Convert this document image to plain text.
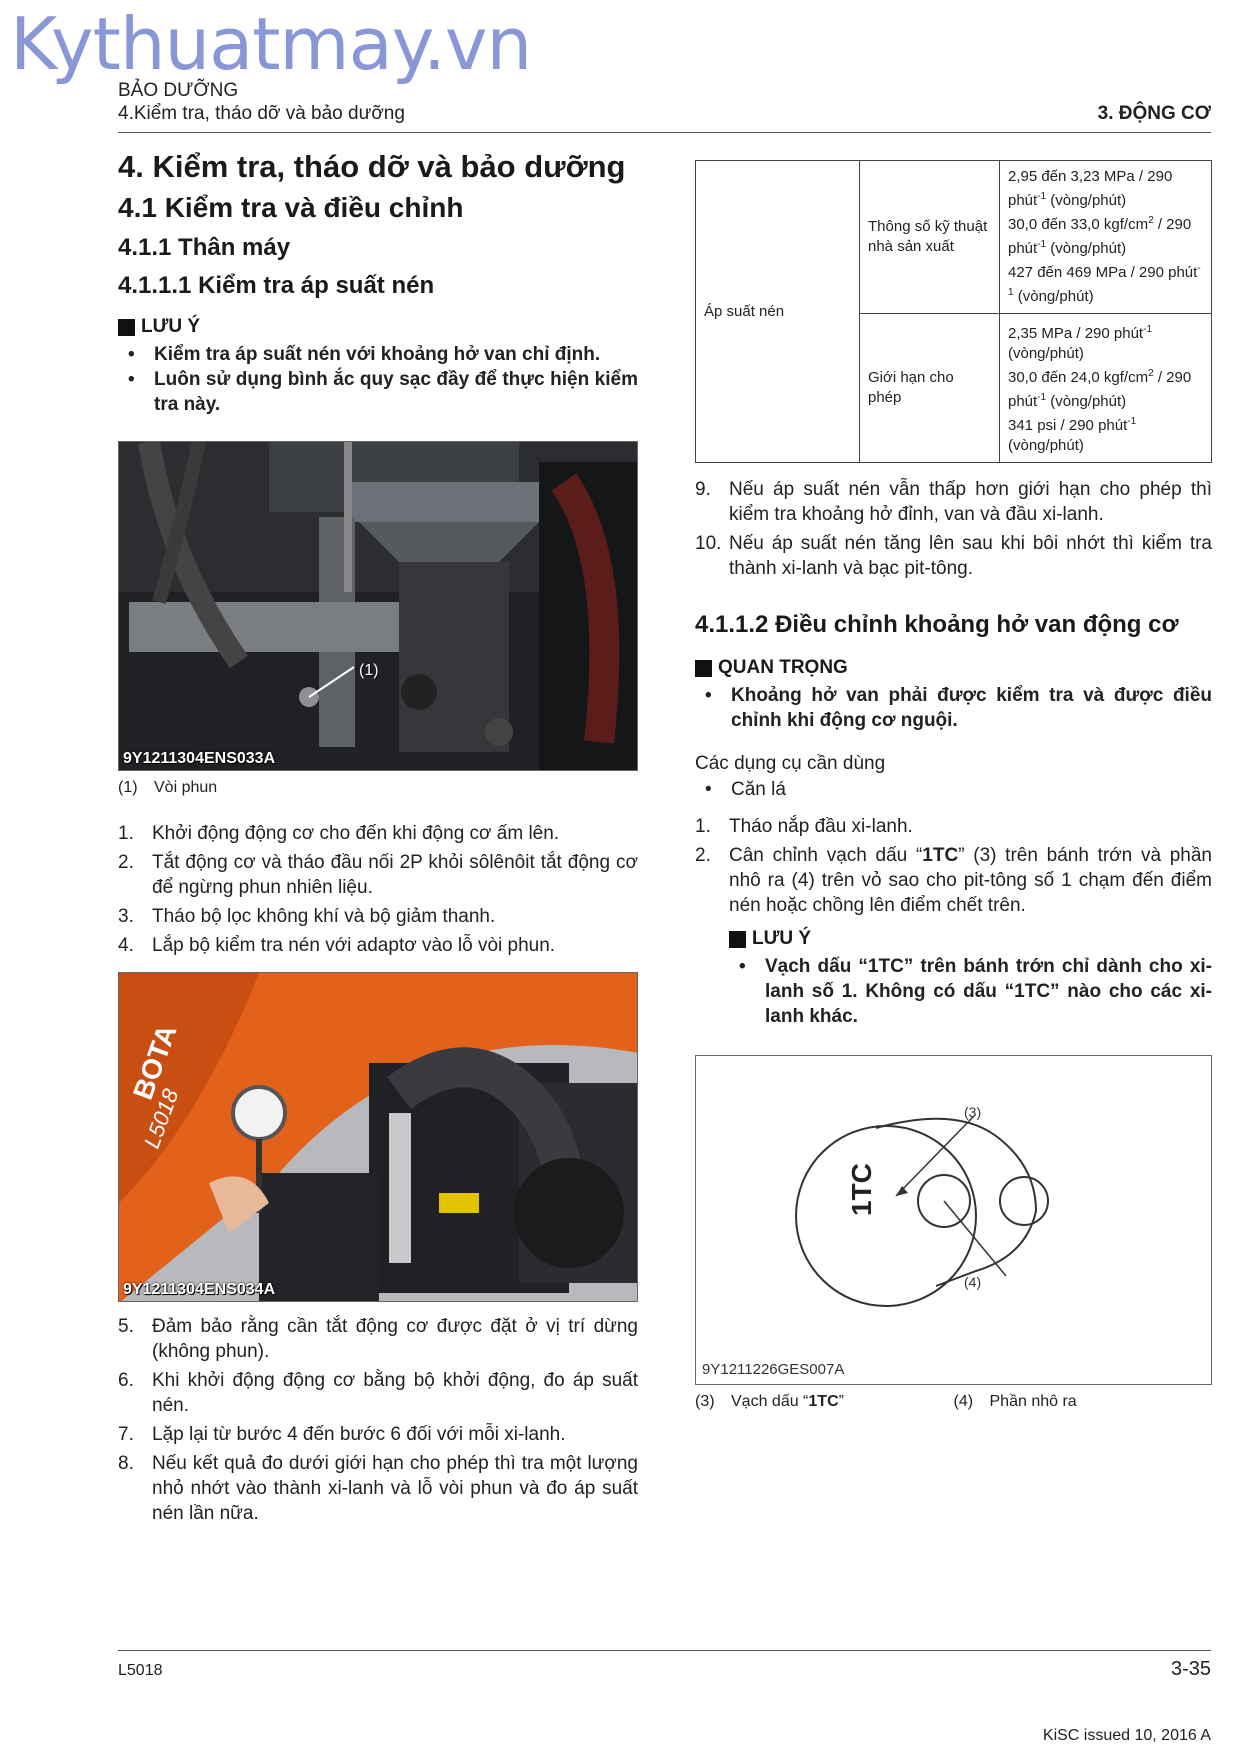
Kythuatmay.vn
BẢO DƯỠNG
4.Kiểm tra, tháo dỡ và bảo dưỡng	3. ĐỘNG CƠ
4. Kiểm tra, tháo dỡ và bảo dưỡng
4.1 Kiểm tra và điều chỉnh
4.1.1 Thân máy
4.1.1.1 Kiểm tra áp suất nén
LƯU Ý
• Kiểm tra áp suất nén với khoảng hở van chỉ định.
• Luôn sử dụng bình ắc quy sạc đầy để thực hiện kiểm tra này.
(1)
9Y1211304ENS033A
(1) Vòi phun
1. Khởi động động cơ cho đến khi động cơ ấm lên.
2. Tắt động cơ và tháo đầu nối 2P khỏi sôlênôit tắt động cơ để ngừng phun nhiên liệu.
3. Tháo bộ lọc không khí và bộ giảm thanh.
4. Lắp bộ kiểm tra nén với adaptơ vào lỗ vòi phun.
BOTA
L5018
9Y1211304ENS034A
5. Đảm bảo rằng cần tắt động cơ được đặt ở vị trí dừng (không phun).
6. Khi khởi động động cơ bằng bộ khởi động, đo áp suất nén.
7. Lặp lại từ bước 4 đến bước 6 đối với mỗi xi-lanh.
8. Nếu kết quả đo dưới giới hạn cho phép thì tra một lượng nhỏ nhớt vào thành xi-lanh và lỗ vòi phun và đo áp suất nén lần nữa.
Áp suất nén	Thông số kỹ thuật nhà sản xuất	2,95 đến 3,23 MPa / 290 phút$^{-1}$ (vòng/phút)
30,0 đến 33,0 kgf/$cm^2 / 290$ phút$^{-1}$ (vòng/phút)
427 đến 469 MPa / 290 phút$^{-1}$ (vòng/phút)
	Giới hạn cho phép	2,35 MPa / 290 phút$^{-1}$
(vòng/phút)
30,0 đến 24,0 kgf/$cm^2 / 290$ phút$^{-1}$ (vòng/phút)
341 psi / 290 phút$^{-1}$
(vòng/phút)
9. Nếu áp suất nén vẫn thấp hơn giới hạn cho phép thì kiểm tra khoảng hở đỉnh, van và đầu xi-lanh.
10. Nếu áp suất nén tăng lên sau khi bôi nhớt thì kiểm tra thành xi-lanh và bạc pit-tông.
4.1.1.2 Điều chỉnh khoảng hở van động cơ
QUAN TRỌNG
• Khoảng hở van phải được kiểm tra và được điều chỉnh khi động cơ nguội.
Các dụng cụ cần dùng
• Căn lá
1. Tháo nắp đầu xi-lanh.
2. Cân chỉnh vạch dấu “1TC” (3) trên bánh trớn và phần nhô ra (4) trên vỏ sao cho pit-tông số 1 chạm đến điểm nén hoặc chồng lên điểm chết trên.
LƯU Ý
• Vạch dấu “1TC” trên bánh trớn chỉ dành cho xi-lanh số 1. Không có dấu “1TC” nào cho các xi-lanh khác.
1TC
(3)
(4)
9Y1211226GES007A
(3) Vạch dấu “1TC”	(4) Phần nhô ra
L5018	3-35
KiSC issued 10, 2016 A
